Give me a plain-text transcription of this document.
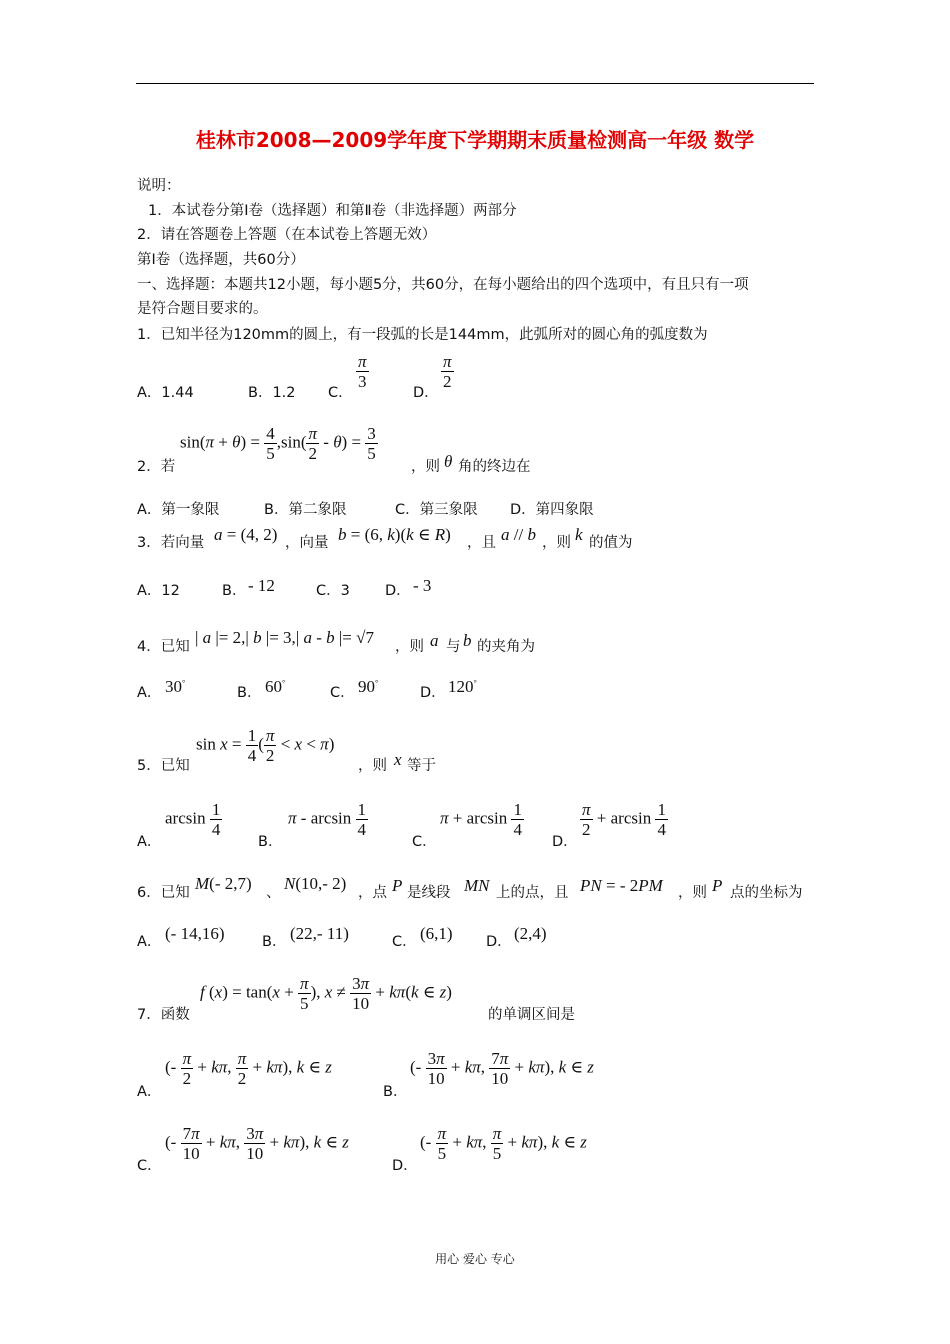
桂林市2008—2009学年度下学期期末质量检测高一年级 数学
说明：
1．本试卷分第Ⅰ卷（选择题）和第Ⅱ卷（非选择题）两部分
2．请在答题卷上答题（在本试卷上答题无效）
第Ⅰ卷（选择题，共60分）
一、选择题：本题共12小题，每小题5分，共60分，在每小题给出的四个选项中，有且只有一项
是符合题目要求的。
1．已知半径为120mm的圆上，有一段弧的长是144mm，此弧所对的圆心角的弧度数为
A．1.44	B．1.2 C．
$\frac{\pi}{3}$
D．
$\frac{\pi}{2}$
2．若
$\sin(\pi + \theta) = \frac{4}{5} ,\sin( \frac{\pi}{2} - \theta) = \frac{3}{5}$
，则 θ 角的终边在
A．第一象限	B．第二象限	C．第三象限 D．第四象限
3．若向量 a = (4, 2) ，向量 b = (6, k)(k ∈ R) ，且 a // b ，则 k 的值为
A．12	B． - 12	C．3 D． - 3
4．已知 | a |= 2,| b |= 3,| a - b |= √7 ，则 a 与 b 的夹角为
A． 30°
B． 60°
C． 90°
D． 120°
5．已知
$\sin x = \frac{1}{4}$ ( $\frac{\pi}{2} < x < \pi$)
，则 x 等于
A．
$\arcsin \frac{1}{4}$
B．
π - $\arcsin \frac{1}{4}$
C．
$\pi + \arcsin \frac{1}{4}$
D．
$\frac{\pi}{2} + \arcsin \frac{1}{4}$
6．已知 M(- 2,7) 、 N(10,- 2) ，点 P 是线段 MN 上的点，且 PN = - 2PM ，则 P 点的坐标为
A． (- 14,16)	B． (22,- 11)	C． (6,1) D． (2,4)
7．函数
f $(x) = \tan(x + \frac{\pi}{5}$ ), $x \ne \frac{3\pi}{10} + k\pi(k$ ∈ z)
的单调区间是
A．
(- $\frac{\pi}{2} + k\pi$, $\frac{\pi}{2} + k\pi$), k ∈ z
B．
(- $\frac{3\pi}{10} + k\pi$, $\frac{7\pi}{10} + k\pi$), k ∈ z
C．
(- $\frac{7\pi}{10} + k\pi$, $\frac{3\pi}{10} + k\pi$), k ∈ z
D．
(- $\frac{\pi}{5} + k\pi$, $\frac{\pi}{5} + k\pi$), k ∈ z
用心 爱心 专心
